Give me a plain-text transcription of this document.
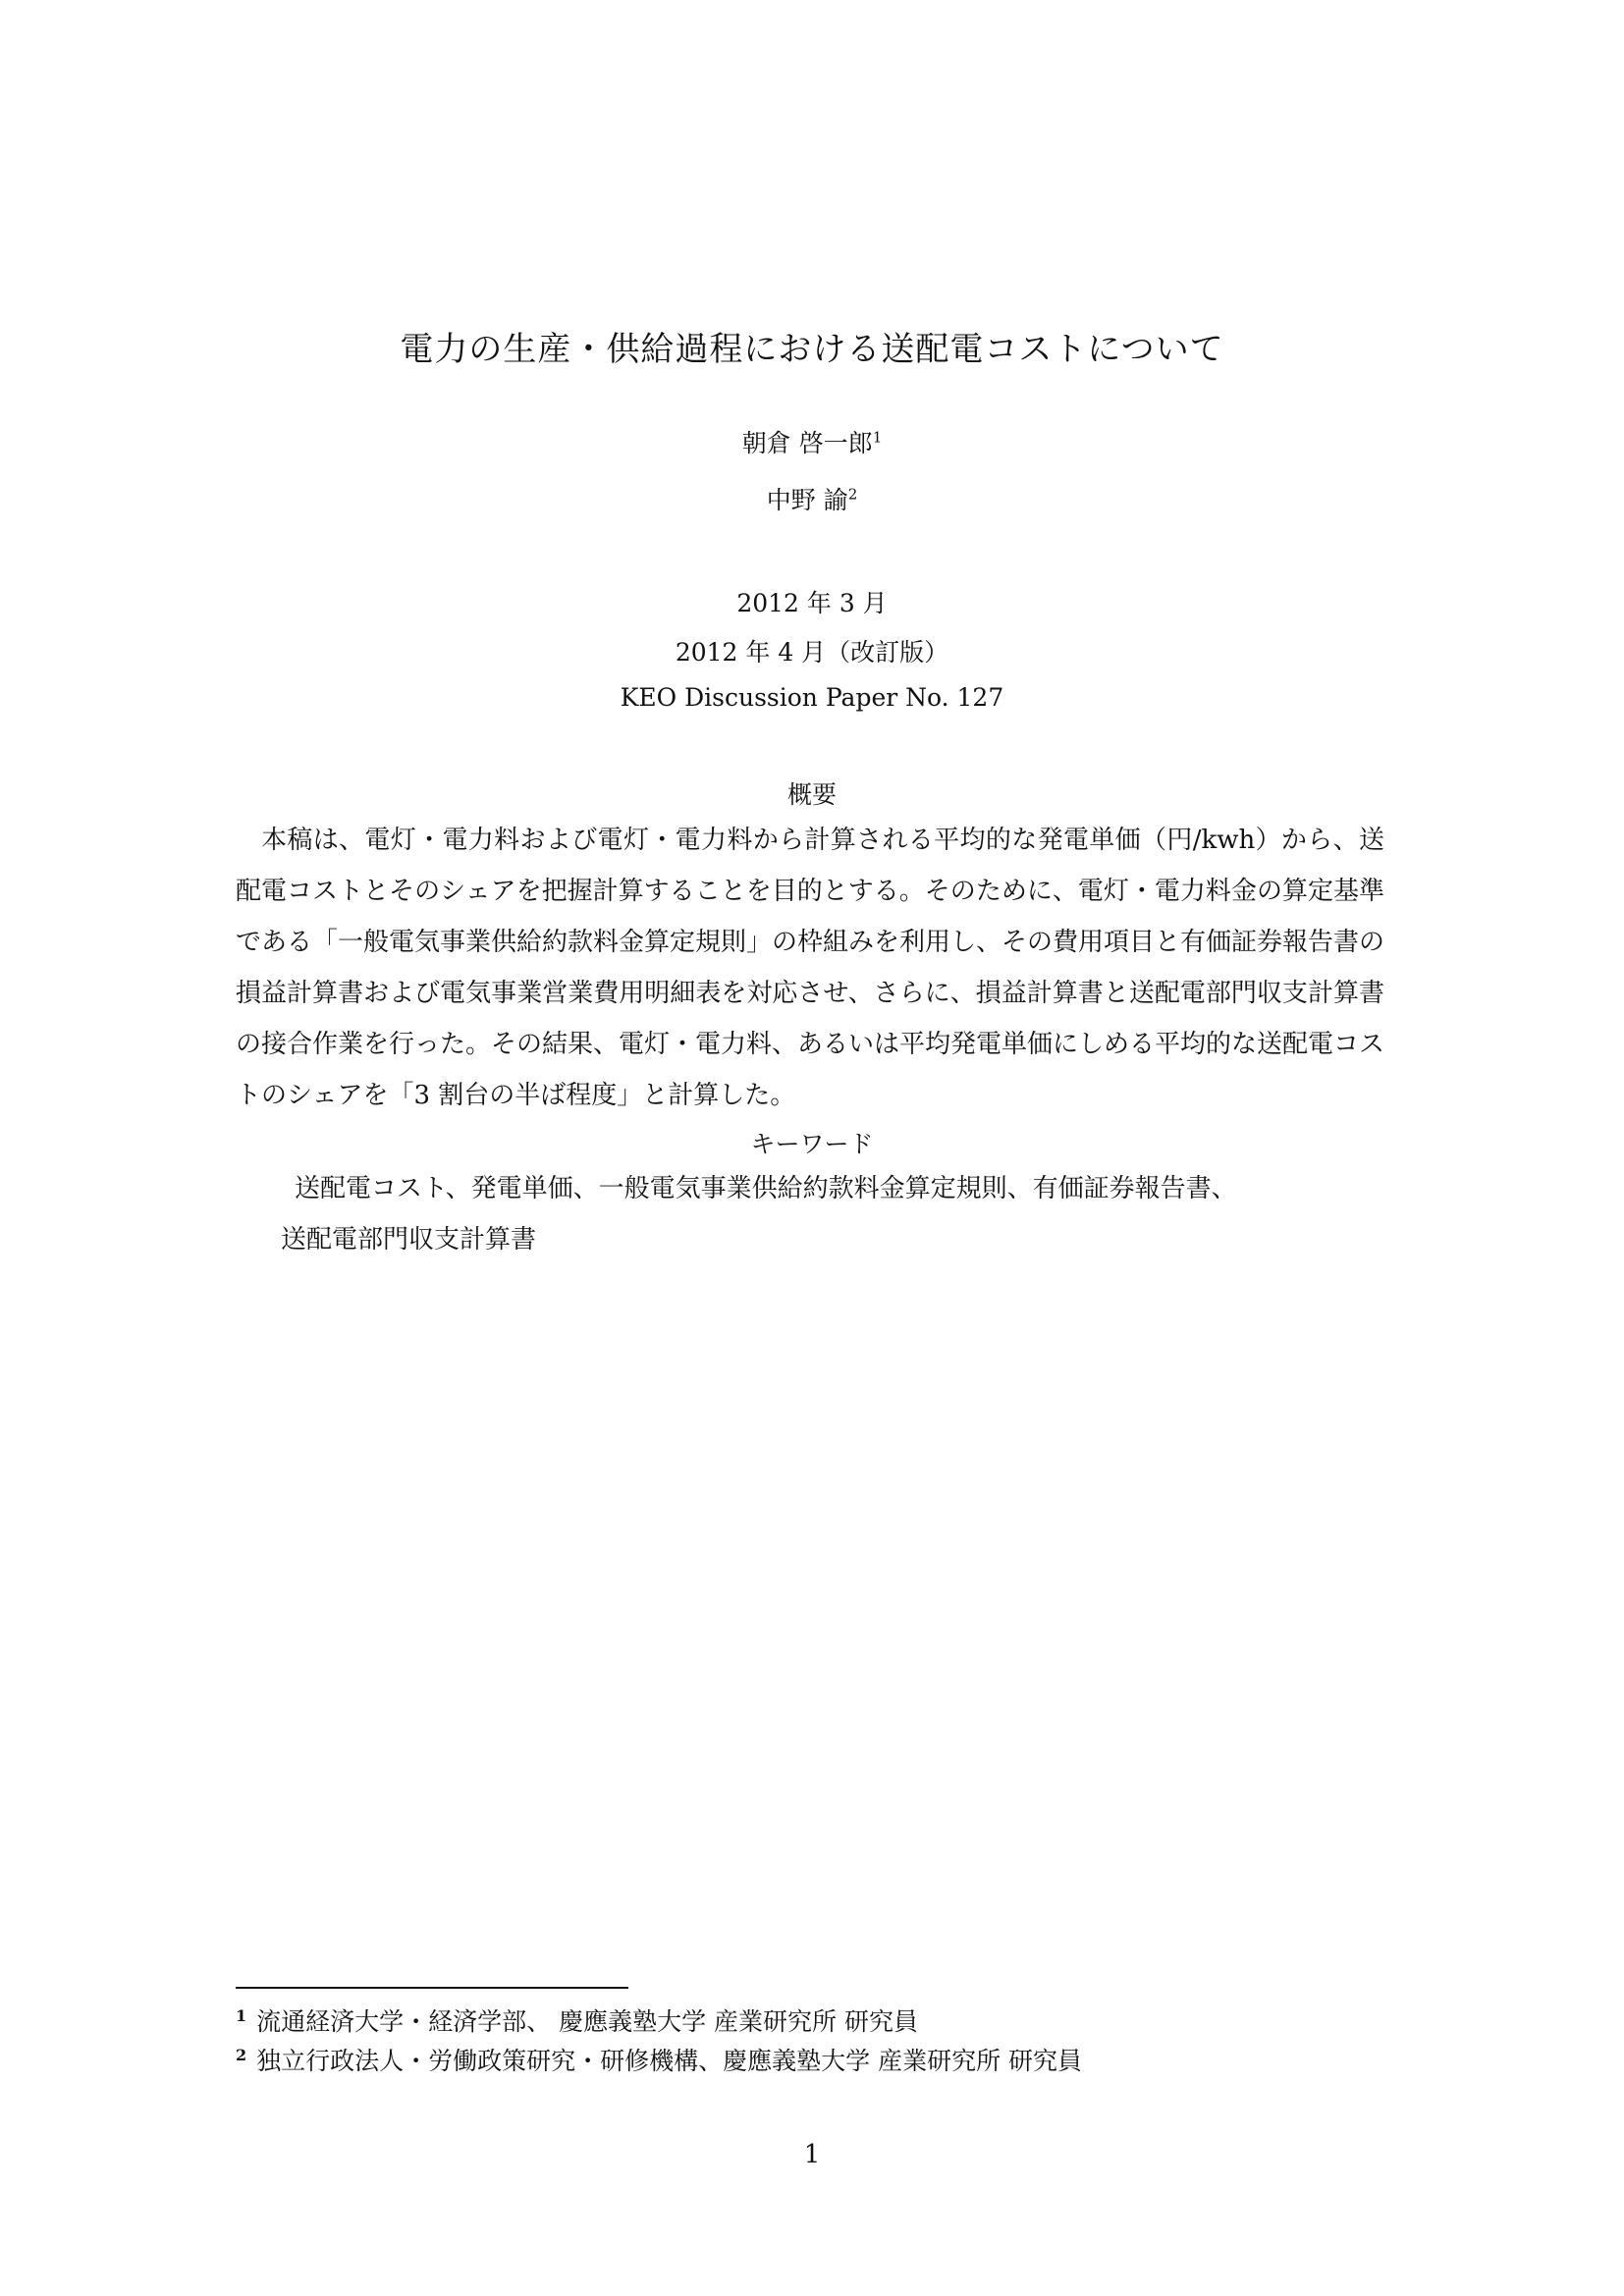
電力の生産・供給過程における送配電コストについて
朝倉 啓一郎$^1$
中野 諭$^2$
2012 年 3 月
2012 年 4 月（改訂版）
KEO Discussion Paper No. 127
概要
本稿は、電灯・電力料および電灯・電力料から計算される平均的な発電単価（円/kwh）から、送配電コストとそのシェアを把握計算することを目的とする。そのために、電灯・電力料金の算定基準である「一般電気事業供給約款料金算定規則」の枠組みを利用し、その費用項目と有価証券報告書の損益計算書および電気事業営業費用明細表を対応させ、さらに、損益計算書と送配電部門収支計算書の接合作業を行った。その結果、電灯・電力料、あるいは平均発電単価にしめる平均的な送配電コストのシェアを「3 割台の半ば程度」と計算した。
キーワード
送配電コスト、発電単価、一般電気事業供給約款料金算定規則、有価証券報告書、
送配電部門収支計算書
$^1$ 流通経済大学・経済学部、 慶應義塾大学 産業研究所 研究員
$^2$ 独立行政法人・労働政策研究・研修機構、慶應義塾大学 産業研究所 研究員
1
